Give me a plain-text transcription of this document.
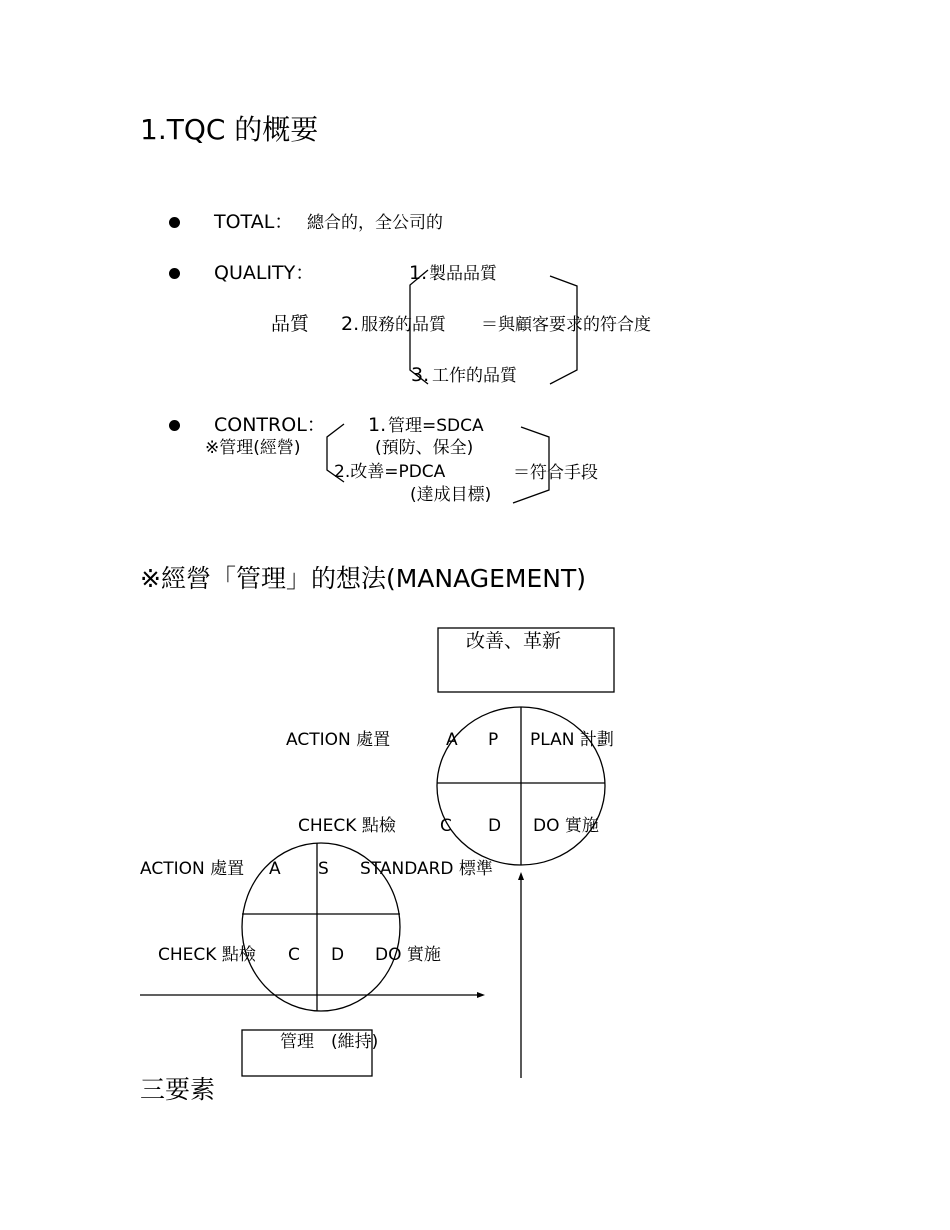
1.TQC 的概要
TOTAL： 總合的，全公司的
QUALITY：	1. 製品品質
品質 2. 服務的品質 ＝與顧客要求的符合度
3. 工作的品質
CONTROL：
※管理(經營)
1. 管理=SDCA
(預防、保全)
2.改善=PDCA
(達成目標)
＝符合手段
※經營「管理」的想法(MANAGEMENT)
改善、革新
ACTION 處置	A P PLAN 計劃
CHECK 點檢	C D DO 實施
ACTION 處置 A S STANDARD 標準
CHECK 點檢 C D DO 實施
管理　(維持)
三要素
